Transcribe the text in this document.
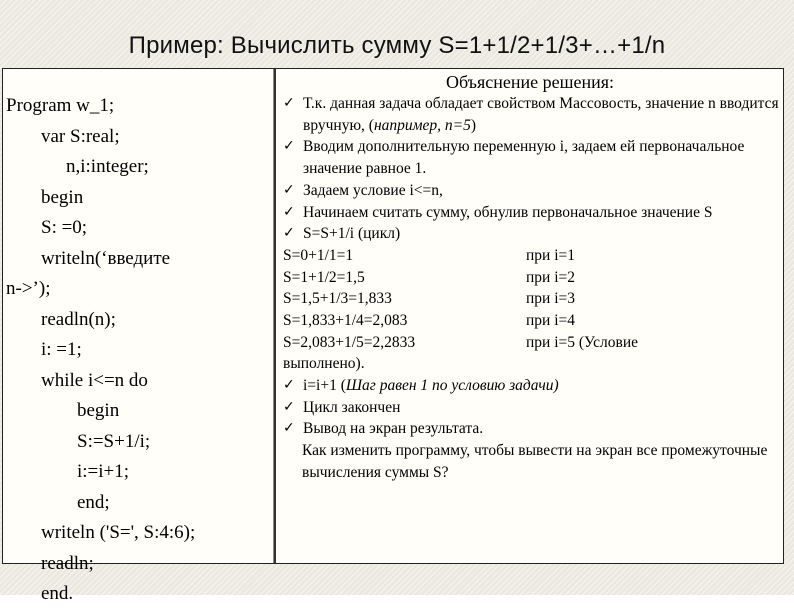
Пример: Вычислить сумму S=1+1/2+1/3+…+1/n
Program w_1;
var S:real;
n,i:integer;
begin
S: =0;
writeln(‘введите
n->’);
readln(n);
i: =1;
while i<=n do
begin
S:=S+1/i;
i:=i+1;
end;
writeln ('S=', S:4:6);
readln;
end.
Объяснение решения:
✓ Т.к. данная задача обладает свойством Массовость, значение n вводится вручную, (например, n=5)
✓ Вводим дополнительную переменную i, задаем ей первоначальное значение равное 1.
✓ Задаем условие i<=n,
✓ Начинаем считать сумму, обнулив первоначальное значение S
✓ S=S+1/i (цикл)
S=0+1/1=1	при i=1
S=1+1/2=1,5	при i=2
S=1,5+1/3=1,833	при i=3
S=1,833+1/4=2,083	при i=4
S=2,083+1/5=2,2833	при i=5 (Условие
выполнено).
✓ i=i+1 (Шаг равен 1 по условию задачи)
✓ Цикл закончен
✓ Вывод на экран результата.
Как изменить программу, чтобы вывести на экран все промежуточные вычисления суммы S?
